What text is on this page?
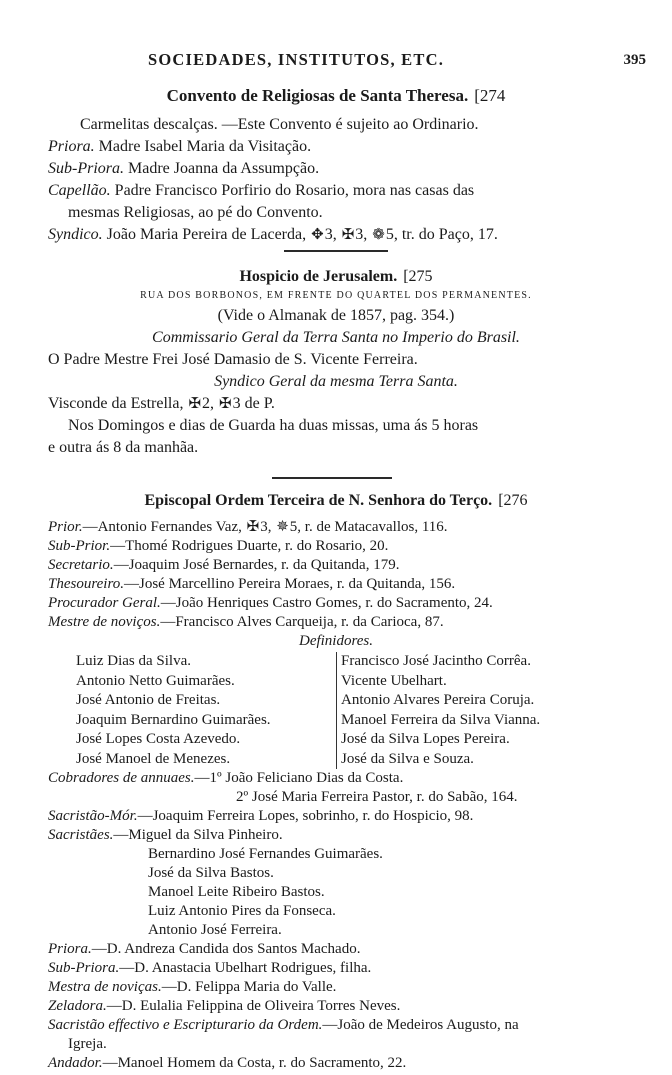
SOCIEDADES, INSTITUTOS, ETC.	395
Convento de Religiosas de Santa Theresa. [274
Carmelitas descalças. —Este Convento é sujeito ao Ordinario.
Priora. Madre Isabel Maria da Visitação.
Sub-Priora. Madre Joanna da Assumpção.
Capellão. Padre Francisco Porfirio do Rosario, mora nas casas das
mesmas Religiosas, ao pé do Convento.
Syndico. João Maria Pereira de Lacerda, ✥3, ✠3, ❁5, tr. do Paço, 17.
Hospicio de Jerusalem. [275
RUA DOS BORBONOS, EM FRENTE DO QUARTEL DOS PERMANENTES.
(Vide o Almanak de 1857, pag. 354.)
Commissario Geral da Terra Santa no Imperio do Brasil.
O Padre Mestre Frei José Damasio de S. Vicente Ferreira.
Syndico Geral da mesma Terra Santa.
Visconde da Estrella, ✠2, ✠3 de P.
Nos Domingos e dias de Guarda ha duas missas, uma ás 5 horas
e outra ás 8 da manhãa.
Episcopal Ordem Terceira de N. Senhora do Terço. [276
Prior.—Antonio Fernandes Vaz, ✠3, ✵5, r. de Matacavallos, 116.
Sub-Prior.—Thomé Rodrigues Duarte, r. do Rosario, 20.
Secretario.—Joaquim José Bernardes, r. da Quitanda, 179.
Thesoureiro.—José Marcellino Pereira Moraes, r. da Quitanda, 156.
Procurador Geral.—João Henriques Castro Gomes, r. do Sacramento, 24.
Mestre de noviços.—Francisco Alves Carqueija, r. da Carioca, 87.
Definidores.
Luiz Dias da Silva.
Antonio Netto Guimarães.
José Antonio de Freitas.
Joaquim Bernardino Guimarães.
José Lopes Costa Azevedo.
José Manoel de Menezes.
Francisco José Jacintho Corrêa.
Vicente Ubelhart.
Antonio Alvares Pereira Coruja.
Manoel Ferreira da Silva Vianna.
José da Silva Lopes Pereira.
José da Silva e Souza.
Cobradores de annuaes.—1º João Feliciano Dias da Costa.
2º José Maria Ferreira Pastor, r. do Sabão, 164.
Sacristão-Mór.—Joaquim Ferreira Lopes, sobrinho, r. do Hospicio, 98.
Sacristães.—Miguel da Silva Pinheiro.
Bernardino José Fernandes Guimarães.
José da Silva Bastos.
Manoel Leite Ribeiro Bastos.
Luiz Antonio Pires da Fonseca.
Antonio José Ferreira.
Priora.—D. Andreza Candida dos Santos Machado.
Sub-Priora.—D. Anastacia Ubelhart Rodrigues, filha.
Mestra de noviças.—D. Felippa Maria do Valle.
Zeladora.—D. Eulalia Felippina de Oliveira Torres Neves.
Sacristão effectivo e Escripturario da Ordem.—João de Medeiros Augusto, na
Igreja.
Andador.—Manoel Homem da Costa, r. do Sacramento, 22.
